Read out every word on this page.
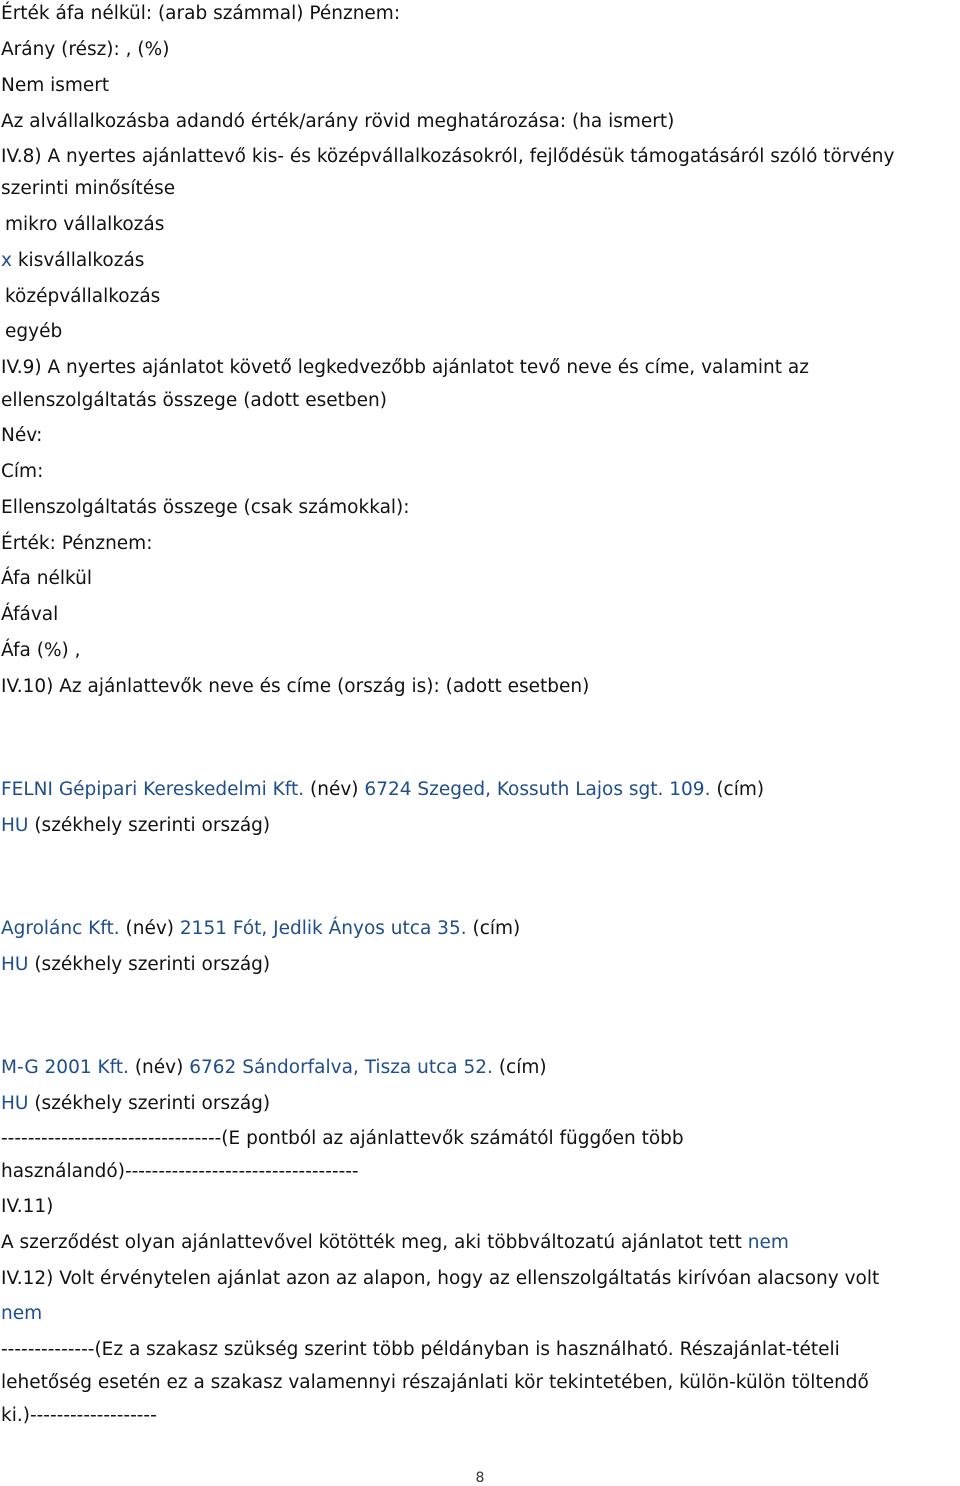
Érték áfa nélkül: (arab számmal) Pénznem:
Arány (rész): , (%)
Nem ismert
Az alvállalkozásba adandó érték/arány rövid meghatározása: (ha ismert)
IV.8) A nyertes ajánlattevő kis- és középvállalkozásokról, fejlődésük támogatásáról szóló törvény
szerinti minősítése
mikro vállalkozás
x kisvállalkozás
középvállalkozás
egyéb
IV.9) A nyertes ajánlatot követő legkedvezőbb ajánlatot tevő neve és címe, valamint az
ellenszolgáltatás összege (adott esetben)
Név:
Cím:
Ellenszolgáltatás összege (csak számokkal):
Érték: Pénznem:
Áfa nélkül
Áfával
Áfa (%) ,
IV.10) Az ajánlattevők neve és címe (ország is): (adott esetben)
FELNI Gépipari Kereskedelmi Kft. (név) 6724 Szeged, Kossuth Lajos sgt. 109. (cím)
HU (székhely szerinti ország)
Agrolánc Kft. (név) 2151 Fót, Jedlik Ányos utca 35. (cím)
HU (székhely szerinti ország)
M-G 2001 Kft. (név) 6762 Sándorfalva, Tisza utca 52. (cím)
HU (székhely szerinti ország)
---------------------------------(E pontból az ajánlattevők számától függően több
használandó)-----------------------------------
IV.11)
A szerződést olyan ajánlattevővel kötötték meg, aki többváltozatú ajánlatot tett nem
IV.12) Volt érvénytelen ajánlat azon az alapon, hogy az ellenszolgáltatás kirívóan alacsony volt
nem
--------------(Ez a szakasz szükség szerint több példányban is használható. Részajánlat-tételi
lehetőség esetén ez a szakasz valamennyi részajánlati kör tekintetében, külön-külön töltendő
ki.)-------------------
8
